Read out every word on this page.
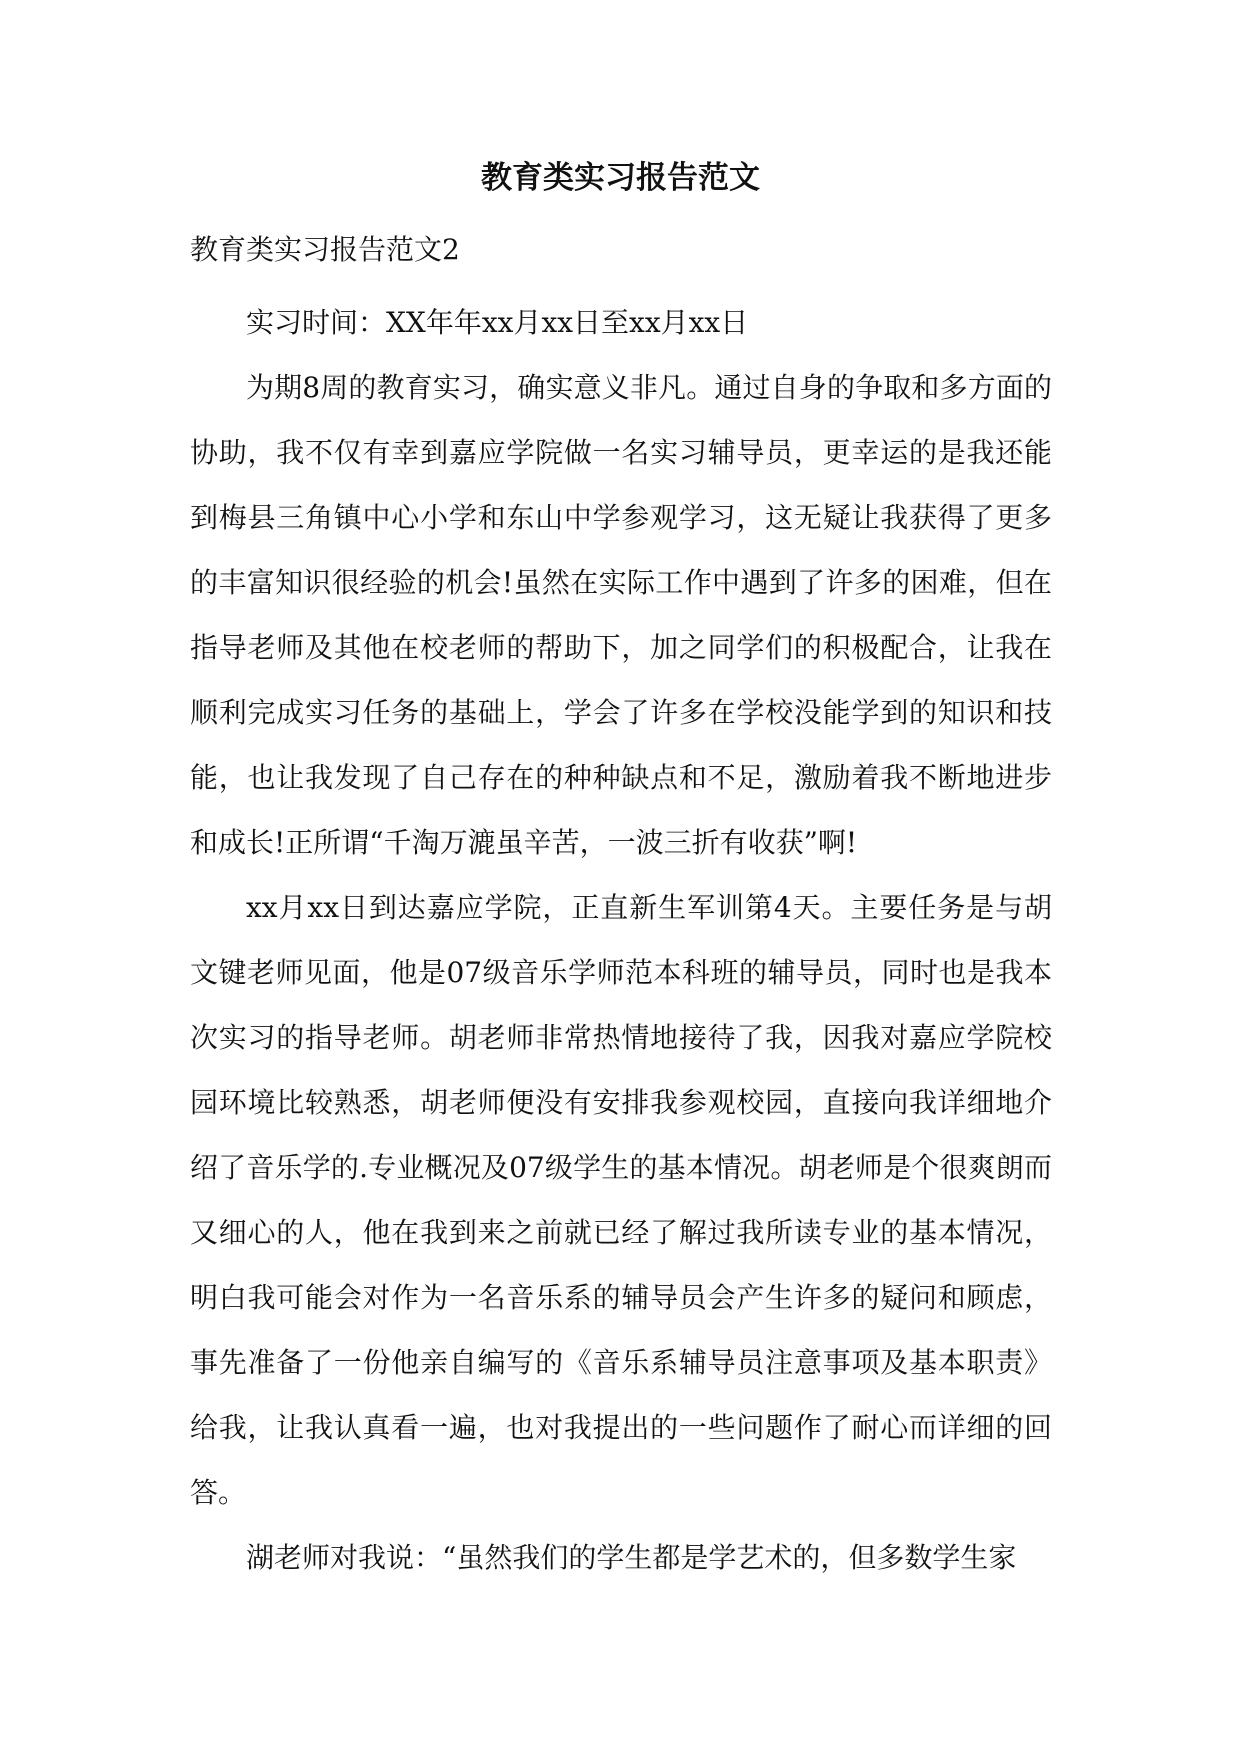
教育类实习报告范文
教育类实习报告范文2

实习时间：XX年年xx月xx日至xx月xx日

为期8周的教育实习，确实意义非凡。通过自身的争取和多方面的协助，我不仅有幸到嘉应学院做一名实习辅导员，更幸运的是我还能到梅县三角镇中心小学和东山中学参观学习，这无疑让我获得了更多的丰富知识很经验的机会!虽然在实际工作中遇到了许多的困难，但在指导老师及其他在校老师的帮助下，加之同学们的积极配合，让我在顺利完成实习任务的基础上，学会了许多在学校没能学到的知识和技能，也让我发现了自己存在的种种缺点和不足，激励着我不断地进步和成长!正所谓“千淘万漉虽辛苦，一波三折有收获”啊!

xx月xx日到达嘉应学院，正直新生军训第4天。主要任务是与胡文键老师见面，他是07级音乐学师范本科班的辅导员，同时也是我本次实习的指导老师。胡老师非常热情地接待了我，因我对嘉应学院校园环境比较熟悉，胡老师便没有安排我参观校园，直接向我详细地介绍了音乐学的.专业概况及07级学生的基本情况。胡老师是个很爽朗而又细心的人，他在我到来之前就已经了解过我所读专业的基本情况，明白我可能会对作为一名音乐系的辅导员会产生许多的疑问和顾虑，事先准备了一份他亲自编写的《音乐系辅导员注意事项及基本职责》给我，让我认真看一遍，也对我提出的一些问题作了耐心而详细的回答。

湖老师对我说：“虽然我们的学生都是学艺术的，但多数学生家
